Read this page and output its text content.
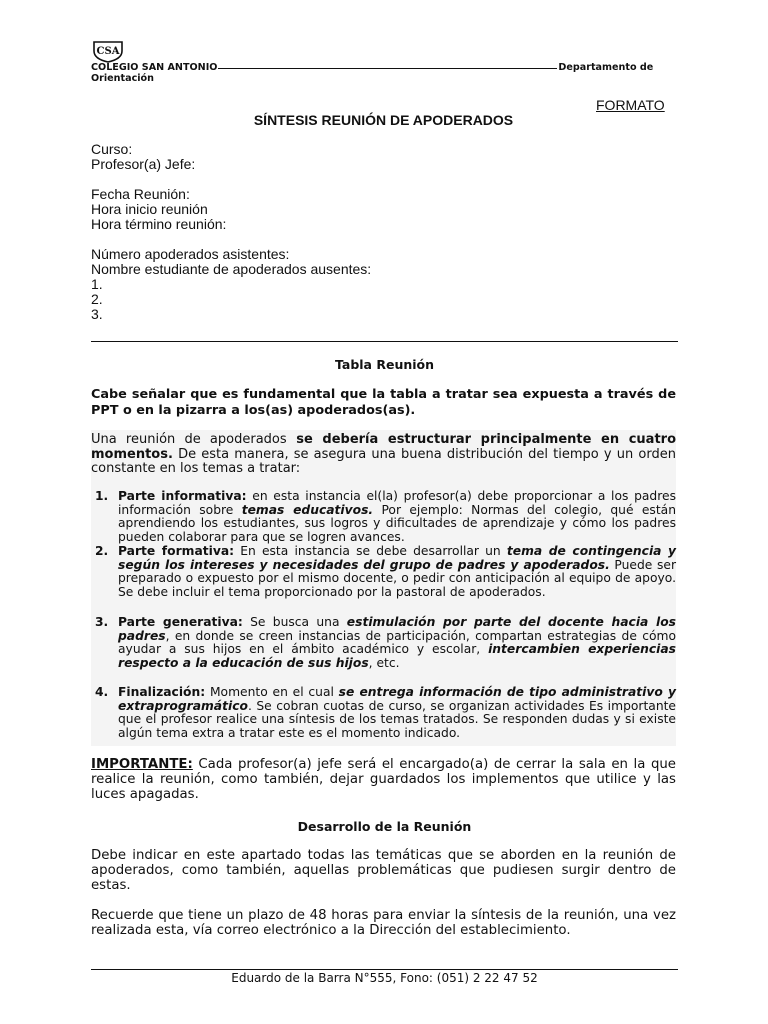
CSA
COLEGIO SAN ANTONIO	Departamento de
Orientación
FORMATO
SÍNTESIS REUNIÓN DE APODERADOS
Curso:
Profesor(a) Jefe:
Fecha Reunión:
Hora inicio reunión
Hora término reunión:
Número apoderados asistentes:
Nombre estudiante de apoderados ausentes:
1.
2.
3.
Tabla Reunión
Cabe señalar que es fundamental que la tabla a tratar sea expuesta a través de PPT o en la pizarra a los(as) apoderados(as).
Una reunión de apoderados se debería estructurar principalmente en cuatro momentos. De esta manera, se asegura una buena distribución del tiempo y un orden constante en los temas a tratar:
1. Parte informativa: en esta instancia el(la) profesor(a) debe proporcionar a los padres información sobre temas educativos. Por ejemplo: Normas del colegio, qué están aprendiendo los estudiantes, sus logros y dificultades de aprendizaje y cómo los padres pueden colaborar para que se logren avances.
2. Parte formativa: En esta instancia se debe desarrollar un tema de contingencia y según los intereses y necesidades del grupo de padres y apoderados. Puede ser preparado o expuesto por el mismo docente, o pedir con anticipación al equipo de apoyo. Se debe incluir el tema proporcionado por la pastoral de apoderados.
3. Parte generativa: Se busca una estimulación por parte del docente hacia los padres, en donde se creen instancias de participación, compartan estrategias de cómo ayudar a sus hijos en el ámbito académico y escolar, intercambien experiencias respecto a la educación de sus hijos, etc.
4. Finalización: Momento en el cual se entrega información de tipo administrativo y extraprogramático. Se cobran cuotas de curso, se organizan actividades Es importante que el profesor realice una síntesis de los temas tratados. Se responden dudas y si existe algún tema extra a tratar este es el momento indicado.
IMPORTANTE: Cada profesor(a) jefe será el encargado(a) de cerrar la sala en la que realice la reunión, como también, dejar guardados los implementos que utilice y las luces apagadas.
Desarrollo de la Reunión
Debe indicar en este apartado todas las temáticas que se aborden en la reunión de apoderados, como también, aquellas problemáticas que pudiesen surgir dentro de estas.
Recuerde que tiene un plazo de 48 horas para enviar la síntesis de la reunión, una vez realizada esta, vía correo electrónico a la Dirección del establecimiento.
Eduardo de la Barra N°555, Fono: (051) 2 22 47 52
